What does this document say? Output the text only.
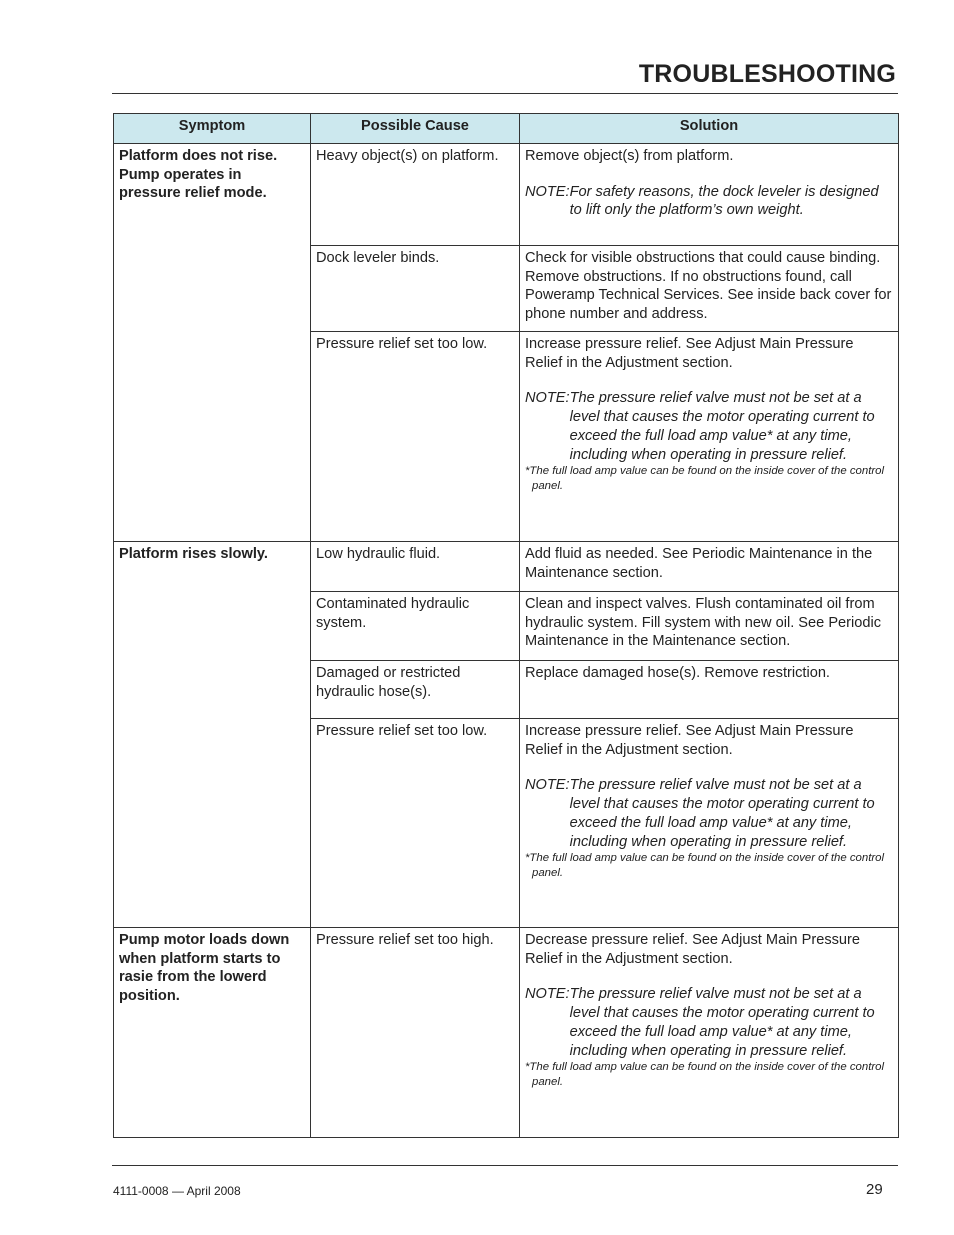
TROUBLESHOOTING
Symptom	Possible Cause	Solution
Platform does not rise. Pump operates in pressure relief mode.	Heavy object(s) on platform.	Remove object(s) from platform.
NOTE: For safety reasons, the dock leveler is designed to lift only the platform’s own weight.

	Dock leveler binds.	Check for visible obstructions that could cause binding. Remove obstructions. If no obstructions found, call Poweramp Technical Services. See inside back cover for phone number and address.

	Pressure relief set too low.	Increase pressure relief. See Adjust Main Pressure Relief in the Adjustment section.
NOTE: The pressure relief valve must not be set at a level that causes the motor operating current to exceed the full load amp value* at any time, including when operating in pressure relief.
*The full load amp value can be found on the inside cover of the control panel.

Platform rises slowly.	Low hydraulic fluid.	Add fluid as needed. See Periodic Maintenance in the Maintenance section.

	Contaminated hydraulic system.	Clean and inspect valves. Flush contaminated oil from hydraulic system. Fill system with new oil. See Periodic Maintenance in the Maintenance section.

	Damaged or restricted hydraulic hose(s).	Replace damaged hose(s). Remove restriction.

	Pressure relief set too low.	Increase pressure relief. See Adjust Main Pressure Relief in the Adjustment section.
NOTE: The pressure relief valve must not be set at a level that causes the motor operating current to exceed the full load amp value* at any time, including when operating in pressure relief.
*The full load amp value can be found on the inside cover of the control panel.

Pump motor loads down when platform starts to rasie from the lowerd position.	Pressure relief set too high.	Decrease pressure relief. See Adjust Main Pressure Relief in the Adjustment section.
NOTE: The pressure relief valve must not be set at a level that causes the motor operating current to exceed the full load amp value* at any time, including when operating in pressure relief.
*The full load amp value can be found on the inside cover of the control panel.
4111-0008 — April 2008	29
